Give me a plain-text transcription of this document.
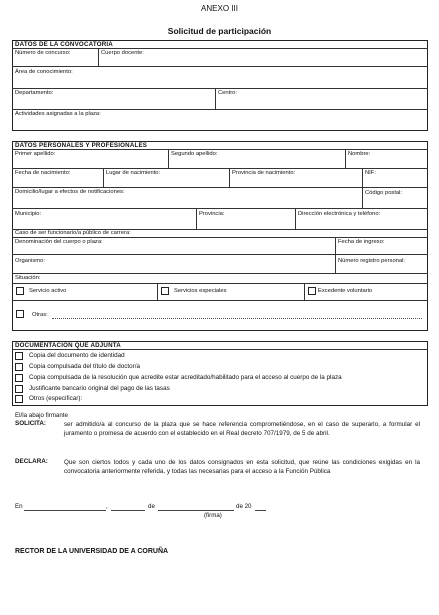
ANEXO III
Solicitud de participación
DATOS DE LA CONVOCATORIA
Número de concurso:	Cuerpo docente:
Área de conocimiento:
Departamento:	Centro:
Actividades asignadas a la plaza:
DATOS PERSONALES Y PROFESIONALES
Primer apellido:	Segundo apellido:	Nombre:
Fecha de nacimiento:	Lugar de nacimiento:	Provincia de nacimiento:	NIF:
Domicilio/lugar a efectos de notificaciones:	Código postal:
Municipio:	Provincia:	Dirección electrónica y teléfono:
Caso de ser funcionario/a público de carrera:
Denominación del cuerpo o plaza:	Fecha de ingreso:
Organismo:	Número registro personal:
Situación:
Servicio activo	Servicios especiales	Excedente voluntario
Otras:
DOCUMENTACIÓN QUE ADJUNTA
Copia del documento de identidad
Copia compulsada del título de doctor/a
Copia compulsada de la resolución que acredite estar acreditado/habilitado para el acceso al cuerpo de la plaza
Justificante bancario original del pago de las tasas
Otros (especificar):
El/la abajo firmante
SOLICITA:	ser admitido/a al concurso de la plaza que se hace referencia comprometiéndose, en el caso de superarlo, a formular el juramento o promesa de acuerdo con el establecido en el Real decreto 707/1979, de 5 de abril.
DECLARA:	Que son ciertos todos y cada uno de los datos consignados en esta solicitud, que reúne las condiciones exigidas en la convocatoria anteriormente referida, y todas las necesarias para el acceso a la Función Pública
En	,	de	de 20
(firma)
RECTOR DE LA UNIVERSIDAD DE A CORUÑA
